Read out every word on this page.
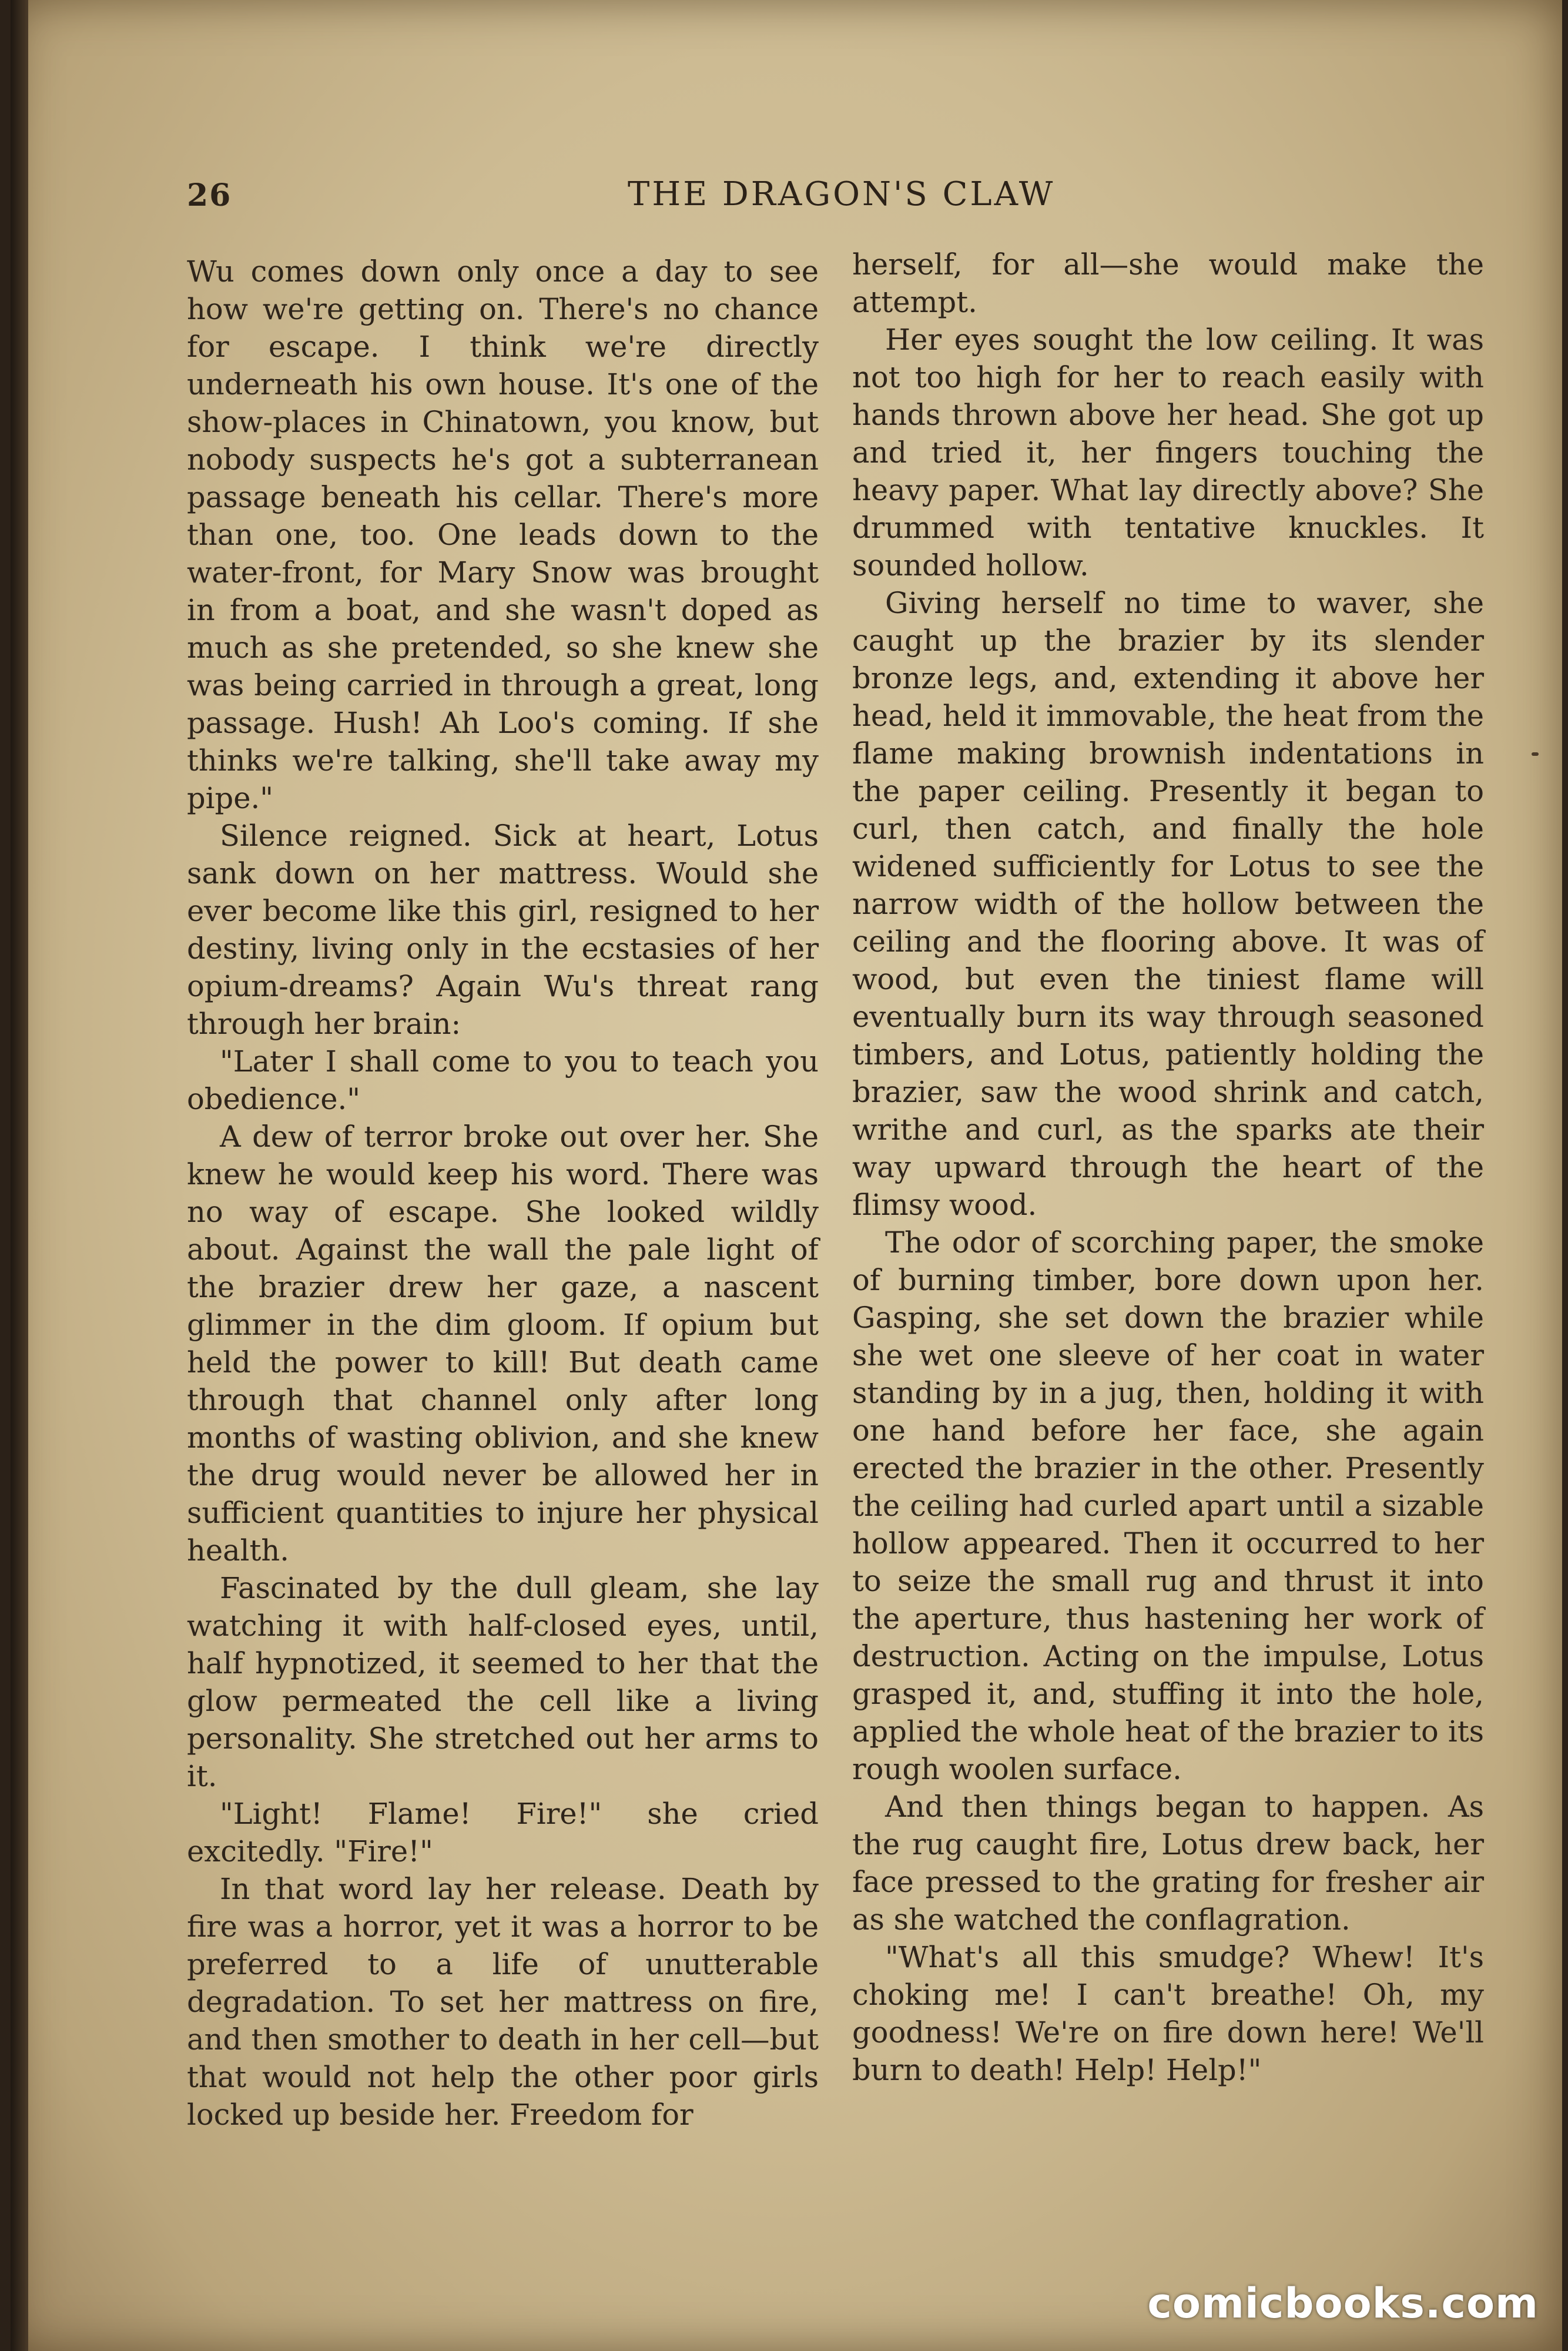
26	THE DRAGON'S CLAW

Wu comes down only once a day to see how we're getting on. There's no chance for escape. I think we're directly underneath his own house. It's one of the show-places in Chinatown, you know, but nobody suspects he's got a subterranean passage beneath his cellar. There's more than one, too. One leads down to the water-front, for Mary Snow was brought in from a boat, and she wasn't doped as much as she pretended, so she knew she was being carried in through a great, long passage. Hush! Ah Loo's coming. If she thinks we're talking, she'll take away my pipe."

Silence reigned. Sick at heart, Lotus sank down on her mattress. Would she ever become like this girl, resigned to her destiny, living only in the ecstasies of her opium-dreams? Again Wu's threat rang through her brain:

"Later I shall come to you to teach you obedience."

A dew of terror broke out over her. She knew he would keep his word. There was no way of escape. She looked wildly about. Against the wall the pale light of the brazier drew her gaze, a nascent glimmer in the dim gloom. If opium but held the power to kill! But death came through that channel only after long months of wasting oblivion, and she knew the drug would never be allowed her in sufficient quantities to injure her physical health.

Fascinated by the dull gleam, she lay watching it with half-closed eyes, until, half hypnotized, it seemed to her that the glow permeated the cell like a living personality. She stretched out her arms to it.

"Light! Flame! Fire!" she cried excitedly. "Fire!"

In that word lay her release. Death by fire was a horror, yet it was a horror to be preferred to a life of unutterable degradation. To set her mattress on fire, and then smother to death in her cell—but that would not help the other poor girls locked up beside her. Freedom for

herself, for all—she would make the attempt.

Her eyes sought the low ceiling. It was not too high for her to reach easily with hands thrown above her head. She got up and tried it, her fingers touching the heavy paper. What lay directly above? She drummed with tentative knuckles. It sounded hollow.

Giving herself no time to waver, she caught up the brazier by its slender bronze legs, and, extending it above her head, held it immovable, the heat from the flame making brownish indentations in the paper ceiling. Presently it began to curl, then catch, and finally the hole widened sufficiently for Lotus to see the narrow width of the hollow between the ceiling and the flooring above. It was of wood, but even the tiniest flame will eventually burn its way through seasoned timbers, and Lotus, patiently holding the brazier, saw the wood shrink and catch, writhe and curl, as the sparks ate their way upward through the heart of the flimsy wood.

The odor of scorching paper, the smoke of burning timber, bore down upon her. Gasping, she set down the brazier while she wet one sleeve of her coat in water standing by in a jug, then, holding it with one hand before her face, she again erected the brazier in the other. Presently the ceiling had curled apart until a sizable hollow appeared. Then it occurred to her to seize the small rug and thrust it into the aperture, thus hastening her work of destruction. Acting on the impulse, Lotus grasped it, and, stuffing it into the hole, applied the whole heat of the brazier to its rough woolen surface.

And then things began to happen. As the rug caught fire, Lotus drew back, her face pressed to the grating for fresher air as she watched the conflagration.

"What's all this smudge? Whew! It's choking me! I can't breathe! Oh, my goodness! We're on fire down here! We'll burn to death! Help! Help!"

comicbooks.com
